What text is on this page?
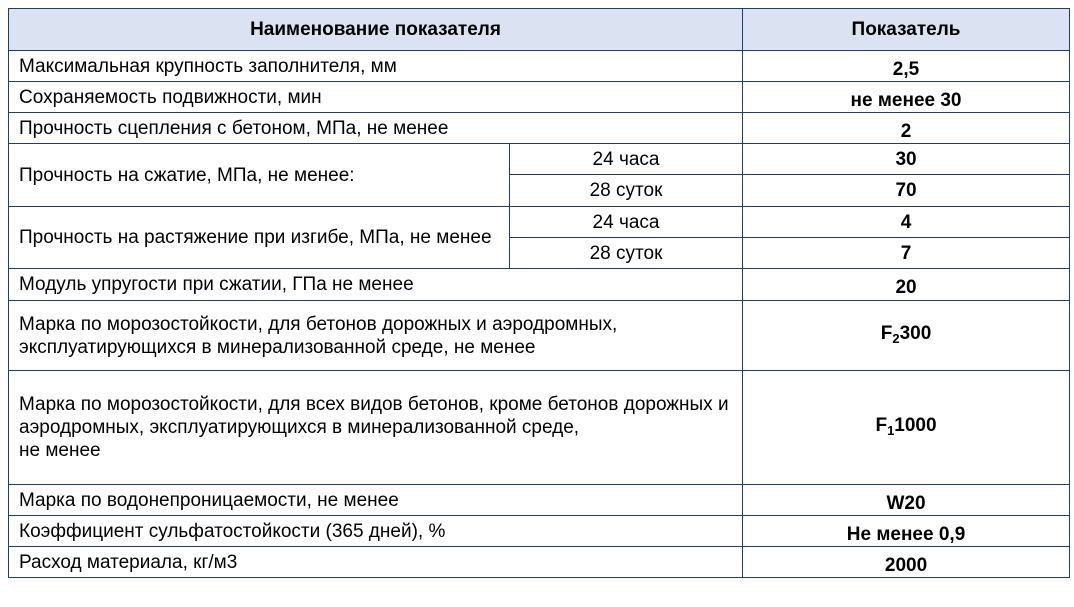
Наименование показателя		Показатель
Максимальная крупность заполнителя, мм		2,5
Сохраняемость подвижности, мин		не менее 30
Прочность сцепления с бетоном, МПа, не менее		2
Прочность на сжатие, МПа, не менее:	24 часа	30
	28 суток	70
Прочность на растяжение при изгибе, МПа, не менее	24 часа	4
	28 суток	7
Модуль упругости при сжатии, ГПа не менее		20
Марка по морозостойкости, для бетонов дорожных и аэродромных, эксплуатирующихся в минерализованной среде, не менее		$F_2300$
Марка по морозостойкости, для всех видов бетонов, кроме бетонов дорожных и аэродромных, эксплуатирующихся в минерализованной среде,
не менее		$F_11000$
Марка по водонепроницаемости, не менее		W20
Коэффициент сульфатостойкости (365 дней), %		Не менее 0,9
Расход материала, кг/м3		2000
